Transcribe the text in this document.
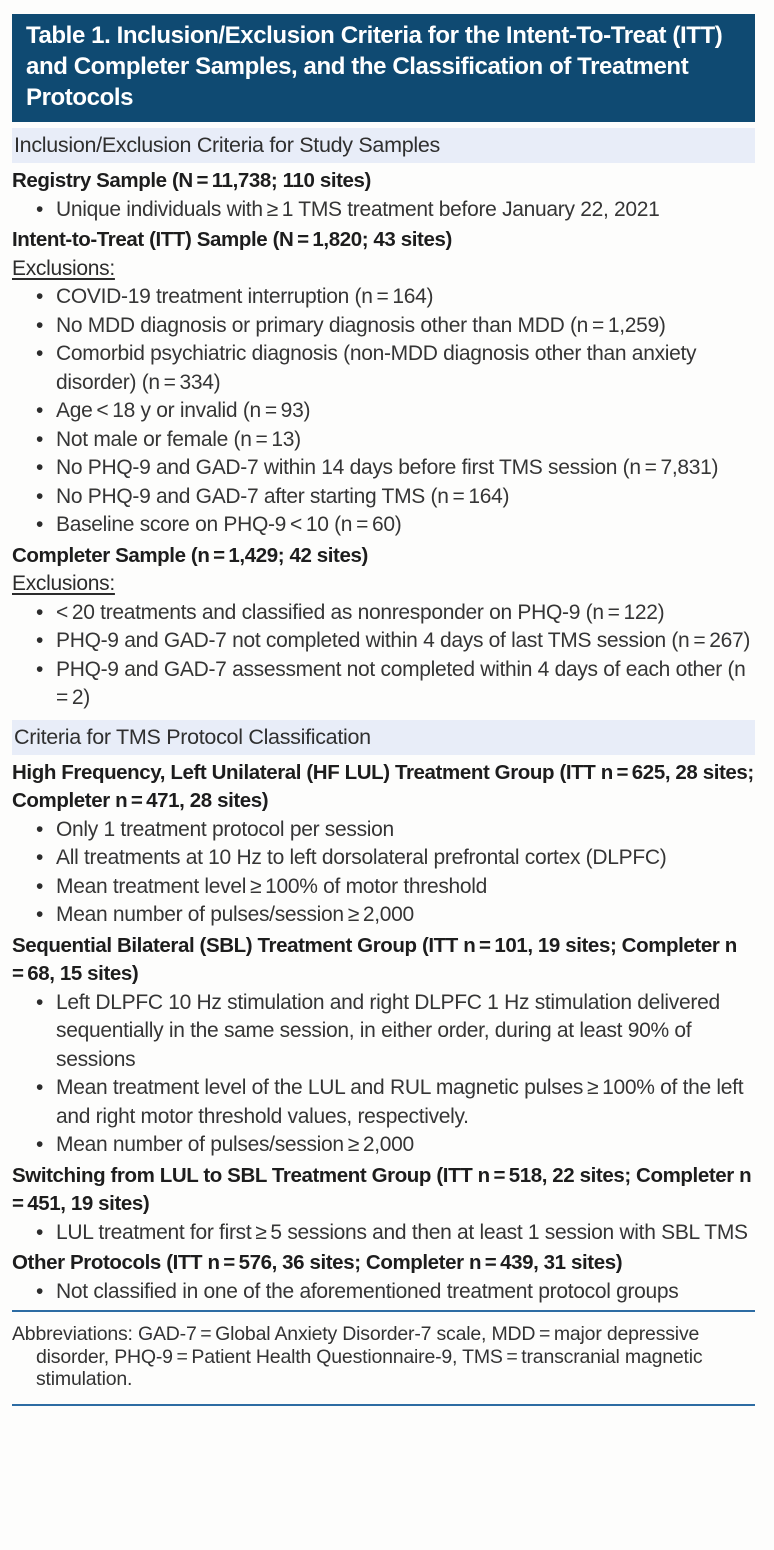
Table 1. Inclusion/Exclusion Criteria for the Intent-To-Treat (ITT) and Completer Samples, and the Classification of Treatment Protocols
Inclusion/Exclusion Criteria for Study Samples
Registry Sample (N = 11,738; 110 sites)
• Unique individuals with ≥ 1 TMS treatment before January 22, 2021
Intent-to-Treat (ITT) Sample (N = 1,820; 43 sites)
Exclusions:
• COVID-19 treatment interruption (n = 164)
• No MDD diagnosis or primary diagnosis other than MDD (n = 1,259)
• Comorbid psychiatric diagnosis (non-MDD diagnosis other than anxiety disorder) (n = 334)
• Age < 18 y or invalid (n = 93)
• Not male or female (n = 13)
• No PHQ-9 and GAD-7 within 14 days before first TMS session (n = 7,831)
• No PHQ-9 and GAD-7 after starting TMS (n = 164)
• Baseline score on PHQ-9 < 10 (n = 60)
Completer Sample (n = 1,429; 42 sites)
Exclusions:
• < 20 treatments and classified as nonresponder on PHQ-9 (n = 122)
• PHQ-9 and GAD-7 not completed within 4 days of last TMS session (n = 267)
• PHQ-9 and GAD-7 assessment not completed within 4 days of each other (n = 2)
Criteria for TMS Protocol Classification
High Frequency, Left Unilateral (HF LUL) Treatment Group (ITT n = 625, 28 sites; Completer n = 471, 28 sites)
• Only 1 treatment protocol per session
• All treatments at 10 Hz to left dorsolateral prefrontal cortex (DLPFC)
• Mean treatment level ≥ 100% of motor threshold
• Mean number of pulses/session ≥ 2,000
Sequential Bilateral (SBL) Treatment Group (ITT n = 101, 19 sites; Completer n = 68, 15 sites)
• Left DLPFC 10 Hz stimulation and right DLPFC 1 Hz stimulation delivered sequentially in the same session, in either order, during at least 90% of sessions
• Mean treatment level of the LUL and RUL magnetic pulses ≥ 100% of the left and right motor threshold values, respectively.
• Mean number of pulses/session ≥ 2,000
Switching from LUL to SBL Treatment Group (ITT n = 518, 22 sites; Completer n = 451, 19 sites)
• LUL treatment for first ≥ 5 sessions and then at least 1 session with SBL TMS
Other Protocols (ITT n = 576, 36 sites; Completer n = 439, 31 sites)
• Not classified in one of the aforementioned treatment protocol groups
Abbreviations: GAD-7 = Global Anxiety Disorder-7 scale, MDD = major depressive disorder, PHQ-9 = Patient Health Questionnaire-9, TMS = transcranial magnetic stimulation.
